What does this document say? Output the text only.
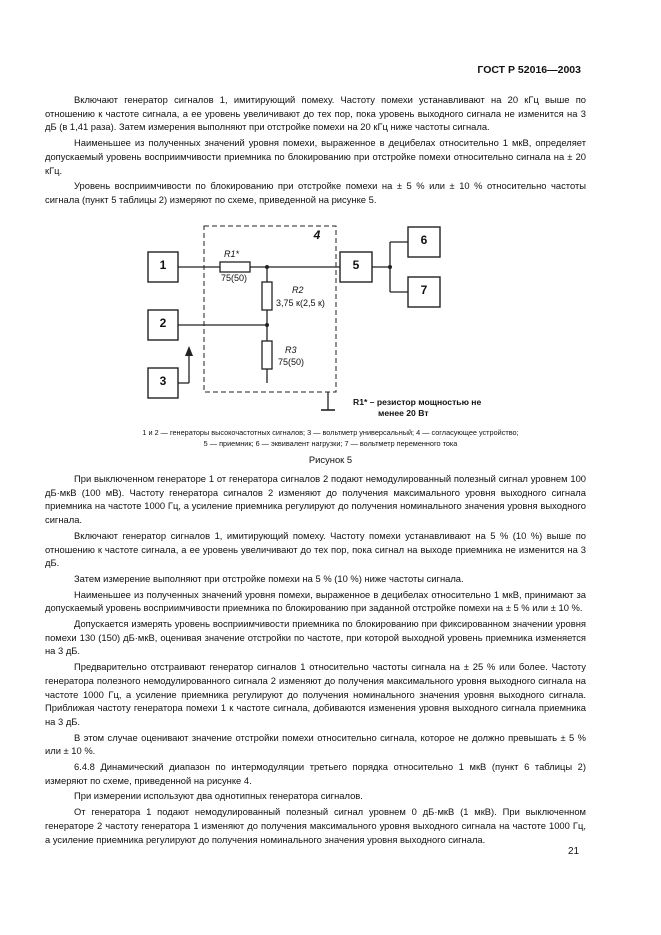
ГОСТ Р 52016—2003

Включают генератор сигналов 1, имитирующий помеху. Частоту помехи устанавливают на 20 кГц выше по отношению к частоте сигнала, а ее уровень увеличивают до тех пор, пока уровень выходного сигнала не изменится на 3 дБ (в 1,41 раза). Затем измерения выполняют при отстройке помехи на 20 кГц ниже частоты сигнала.

Наименьшее из полученных значений уровня помехи, выраженное в децибелах относительно 1 мкВ, определяет допускаемый уровень восприимчивости приемника по блокированию при отстройке помехи относительно сигнала на ± 20 кГц.

Уровень восприимчивости по блокированию при отстройке помехи на ± 5 % или ± 10 % относительно частоты сигнала (пункт 5 таблицы 2) измеряют по схеме, приведенной на рисунке 5.

1
2
3
4
5
6
7
R1*
75(50)
R2
3,75 к(2,5 к)
R3
75(50)
R1* – резистор мощностью не
менее 20 Вт
1 и 2 — генераторы высокочастотных сигналов; 3 — вольтметр универсальный; 4 — согласующее устройство;
5 — приемник; 6 — эквивалент нагрузки; 7 — вольтметр переменного тока
Рисунок 5

При выключенном генераторе 1 от генератора сигналов 2 подают немодулированный полезный сигнал уровнем 100 дБ·мкВ (100 мВ). Частоту генератора сигналов 2 изменяют до получения максимального уровня выходного сигнала приемника на частоте 1000 Гц, а усиление приемника регулируют до получения номинального значения уровня выходного сигнала.

Включают генератор сигналов 1, имитирующий помеху. Частоту помехи устанавливают на 5 % (10 %) выше по отношению к частоте сигнала, а ее уровень увеличивают до тех пор, пока сигнал на выходе приемника не изменится на 3 дБ.

Затем измерение выполняют при отстройке помехи на 5 % (10 %) ниже частоты сигнала.

Наименьшее из полученных значений уровня помехи, выраженное в децибелах относительно 1 мкВ, принимают за допускаемый уровень восприимчивости приемника по блокированию при заданной отстройке помехи на ± 5 % или ± 10 %.

Допускается измерять уровень восприимчивости приемника по блокированию при фиксированном значении уровня помехи 130 (150) дБ·мкВ, оценивая значение отстройки по частоте, при которой выходной уровень приемника изменяется на 3 дБ.

Предварительно отстраивают генератор сигналов 1 относительно частоты сигнала на ± 25 % или более. Частоту генератора полезного немодулированного сигнала 2 изменяют до получения максимального уровня выходного сигнала на частоте 1000 Гц, а усиление приемника регулируют до получения номинального значения уровня выходного сигнала. Приближая частоту генератора помехи 1 к частоте сигнала, добиваются изменения уровня выходного сигнала приемника на 3 дБ.

В этом случае оценивают значение отстройки помехи относительно сигнала, которое не должно превышать ± 5 % или ± 10 %.

6.4.8 Динамический диапазон по интермодуляции третьего порядка относительно 1 мкВ (пункт 6 таблицы 2) измеряют по схеме, приведенной на рисунке 4.

При измерении используют два однотипных генератора сигналов.

От генератора 1 подают немодулированный полезный сигнал уровнем 0 дБ·мкВ (1 мкВ). При выключенном генераторе 2 частоту генератора 1 изменяют до получения максимального уровня выходного сигнала на частоте 1000 Гц, а усиление приемника регулируют до получения номинального значения уровня выходного сигнала.

21
